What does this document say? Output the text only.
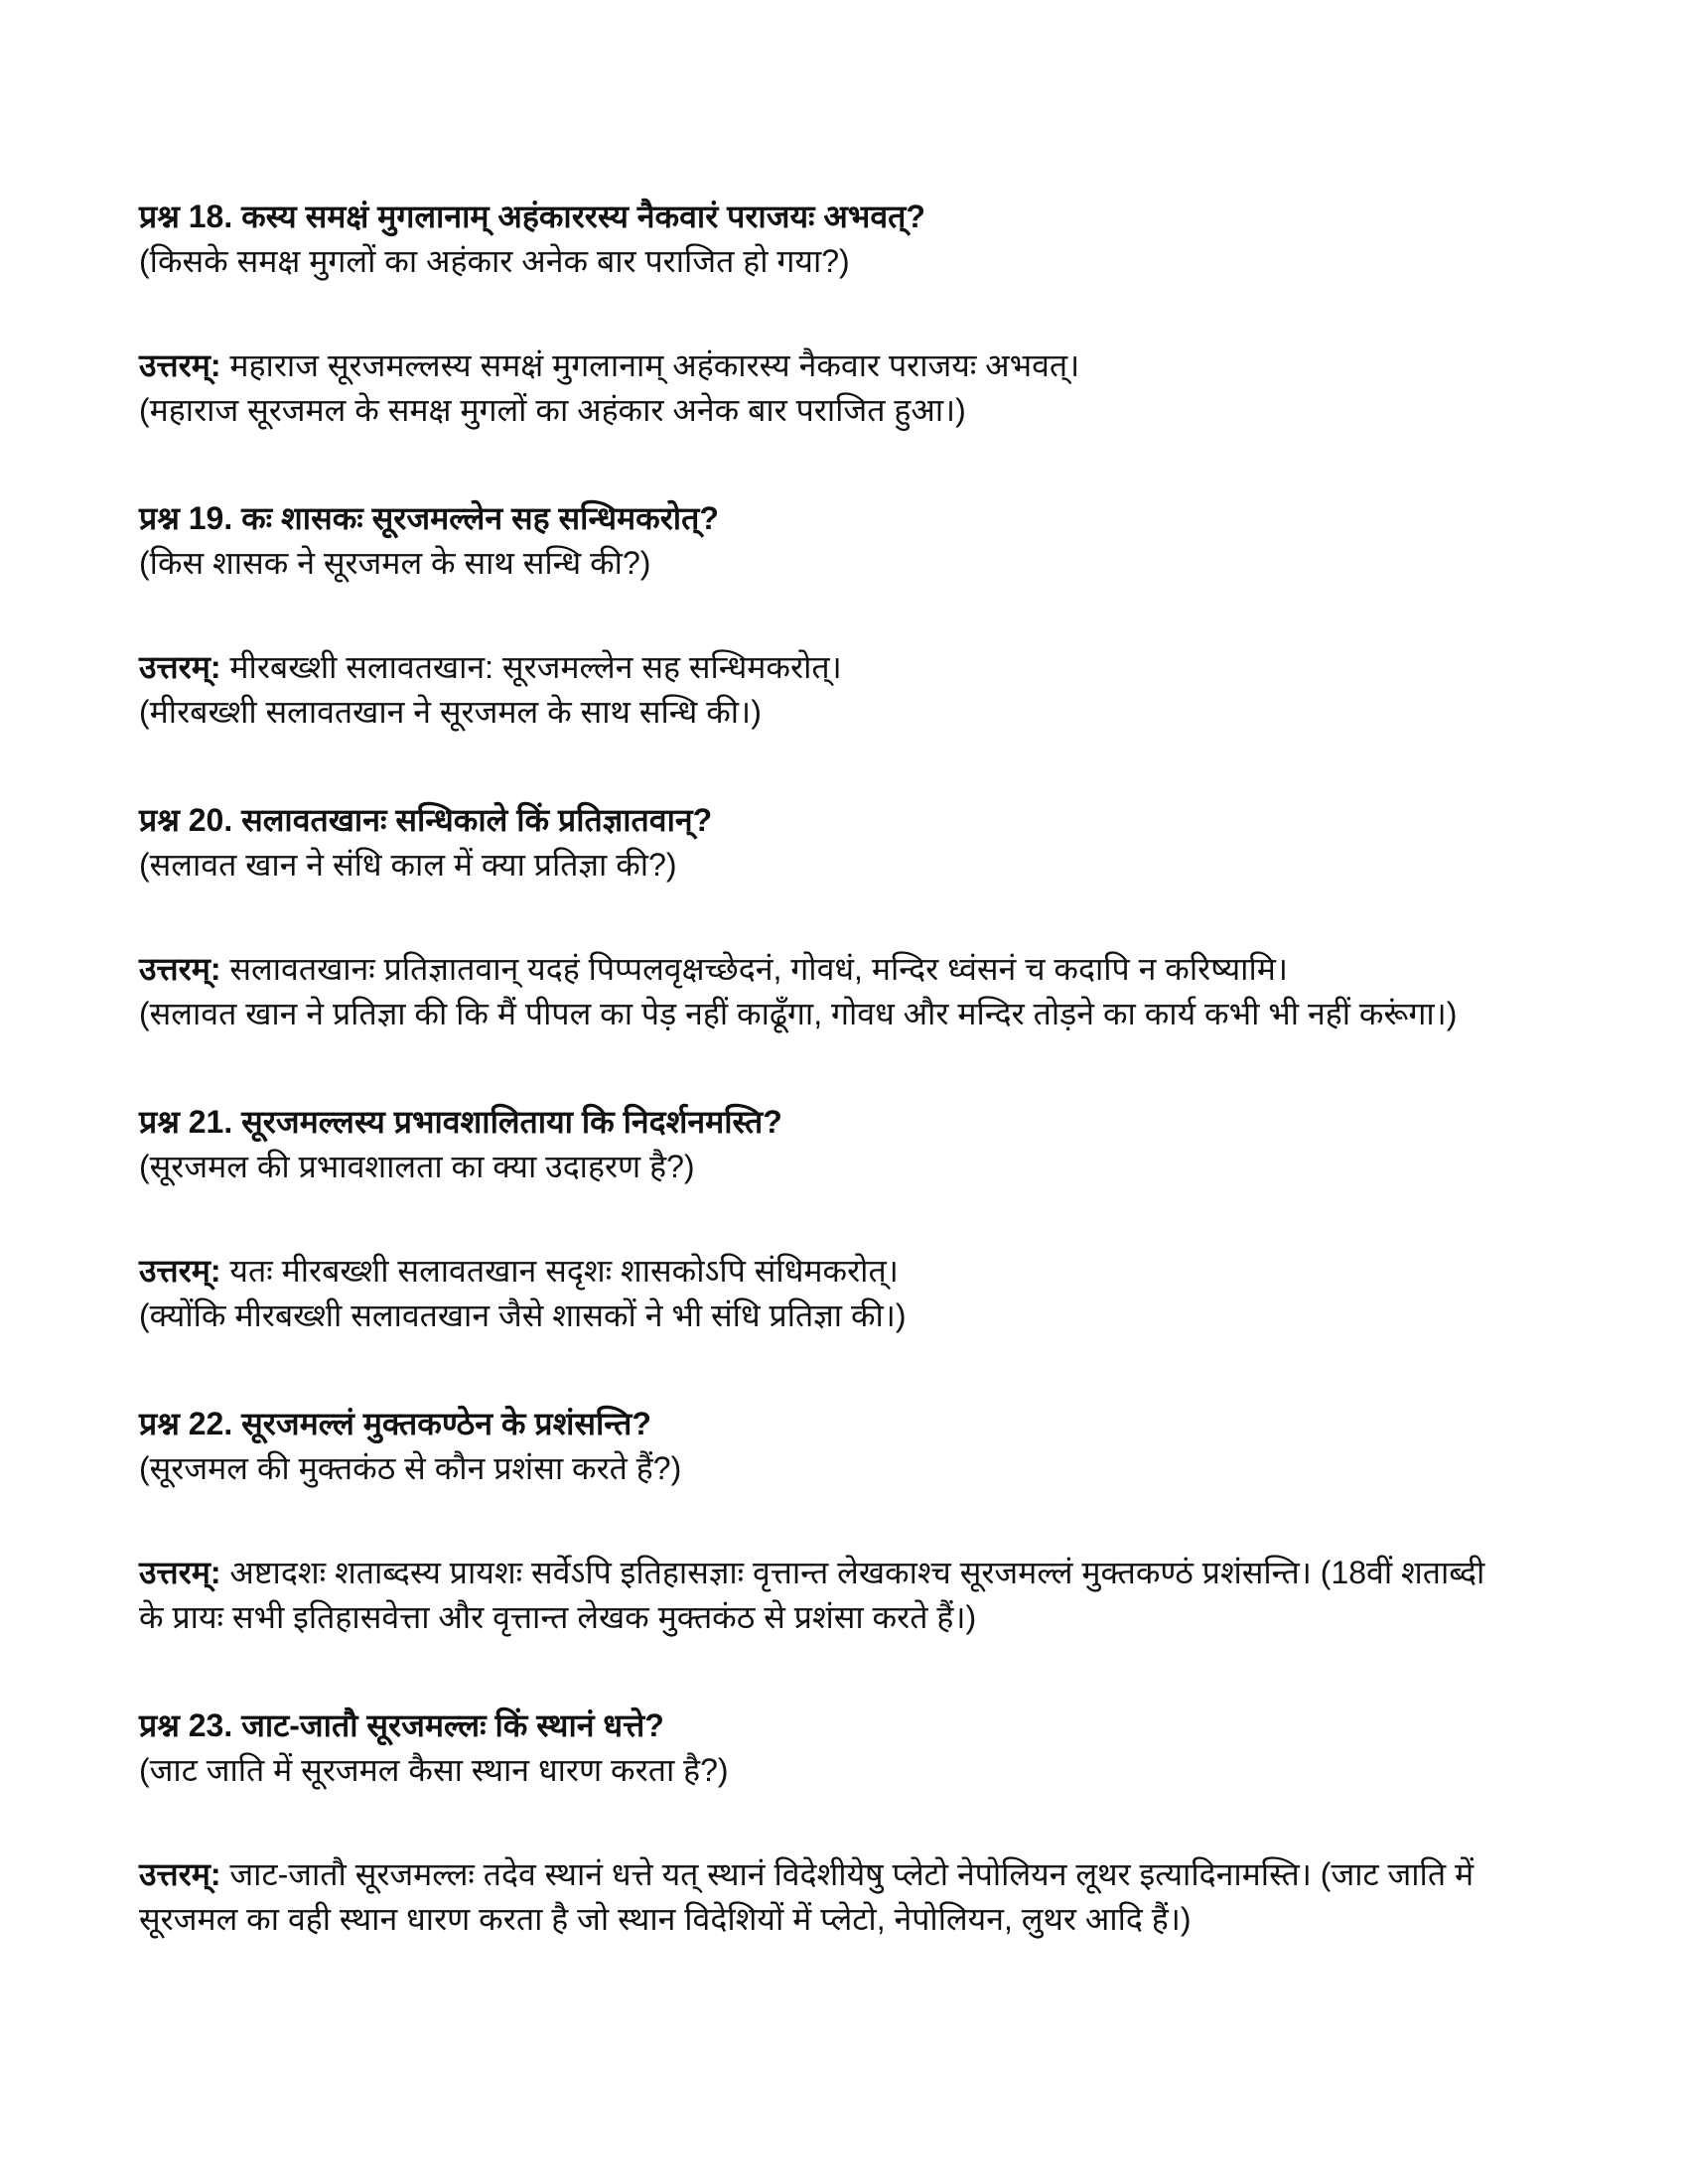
प्रश्न 18. कस्य समक्षं मुगलानाम् अहंकाररस्य नैकवारं पराजयः अभवत्?
(किसके समक्ष मुगलों का अहंकार अनेक बार पराजित हो गया?)
उत्तरम्: महाराज सूरजमल्लस्य समक्षं मुगलानाम् अहंकारस्य नैकवार पराजयः अभवत्।
(महाराज सूरजमल के समक्ष मुगलों का अहंकार अनेक बार पराजित हुआ।)
प्रश्न 19. कः शासकः सूरजमल्लेन सह सन्धिमकरोत्?
(किस शासक ने सूरजमल के साथ सन्धि की?)
उत्तरम्: मीरबख्शी सलावतखान: सूरजमल्लेन सह सन्धिमकरोत्।
(मीरबख्शी सलावतखान ने सूरजमल के साथ सन्धि की।)
प्रश्न 20. सलावतखानः सन्धिकाले किं प्रतिज्ञातवान्?
(सलावत खान ने संधि काल में क्या प्रतिज्ञा की?)
उत्तरम्: सलावतखानः प्रतिज्ञातवान् यदहं पिप्पलवृक्षच्छेदनं, गोवधं, मन्दिर ध्वंसनं च कदापि न करिष्यामि।
(सलावत खान ने प्रतिज्ञा की कि मैं पीपल का पेड़ नहीं काढूँगा, गोवध और मन्दिर तोड़ने का कार्य कभी भी नहीं करूंगा।)
प्रश्न 21. सूरजमल्लस्य प्रभावशालिताया कि निदर्शनमस्ति?
(सूरजमल की प्रभावशालता का क्या उदाहरण है?)
उत्तरम्: यतः मीरबख्शी सलावतखान सदृशः शासकोऽपि संधिमकरोत्।
(क्योंकि मीरबख्शी सलावतखान जैसे शासकों ने भी संधि प्रतिज्ञा की।)
प्रश्न 22. सूरजमल्लं मुक्तकण्ठेन के प्रशंसन्ति?
(सूरजमल की मुक्तकंठ से कौन प्रशंसा करते हैं?)
उत्तरम्: अष्टादशः शताब्दस्य प्रायशः सर्वेऽपि इतिहासज्ञाः वृत्तान्त लेखकाश्च सूरजमल्लं मुक्तकण्ठं प्रशंसन्ति। (18वीं शताब्दी के प्रायः सभी इतिहासवेत्ता और वृत्तान्त लेखक मुक्तकंठ से प्रशंसा करते हैं।)
प्रश्न 23. जाट-जातौ सूरजमल्लः किं स्थानं धत्ते?
(जाट जाति में सूरजमल कैसा स्थान धारण करता है?)
उत्तरम्: जाट-जातौ सूरजमल्लः तदेव स्थानं धत्ते यत् स्थानं विदेशीयेषु प्लेटो नेपोलियन लूथर इत्यादिनामस्ति। (जाट जाति में सूरजमल का वही स्थान धारण करता है जो स्थान विदेशियों में प्लेटो, नेपोलियन, लुथर आदि हैं।)
